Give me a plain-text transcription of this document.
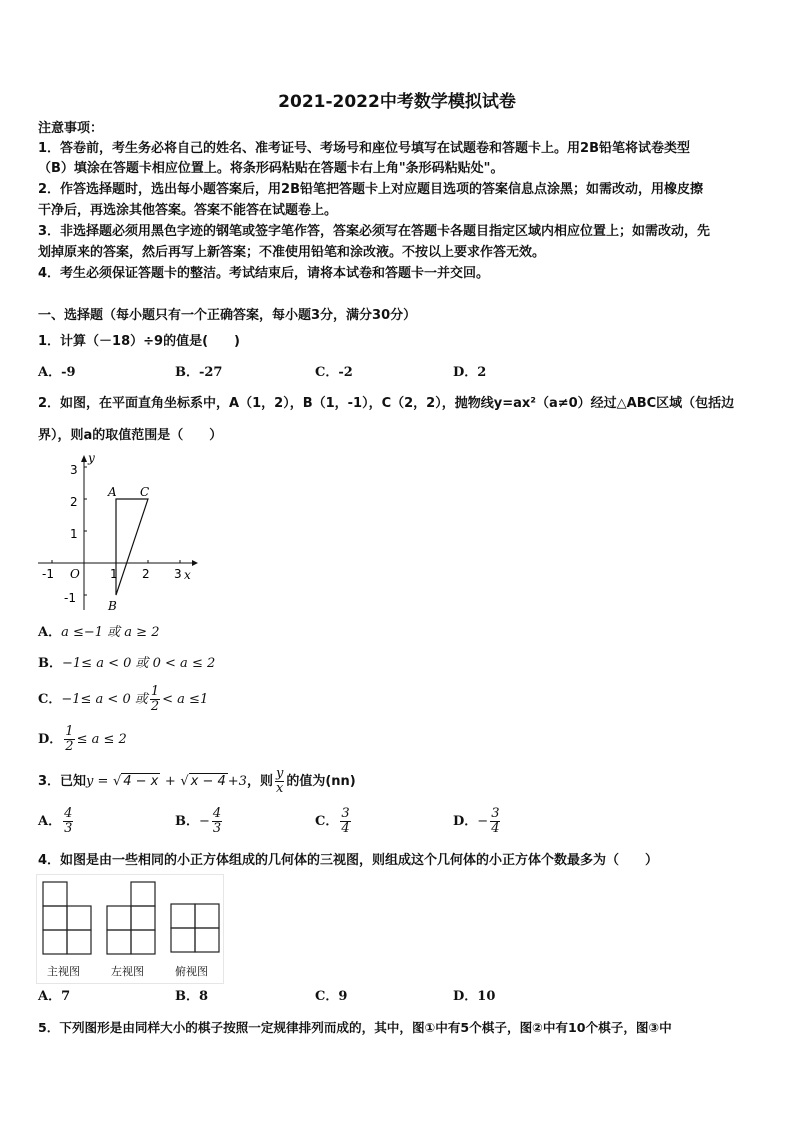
2021-2022中考数学模拟试卷
注意事项：
1．答卷前，考生务必将自己的姓名、准考证号、考场号和座位号填写在试题卷和答题卡上。用2B铅笔将试卷类型
（B）填涂在答题卡相应位置上。将条形码粘贴在答题卡右上角"条形码粘贴处"。
2．作答选择题时，选出每小题答案后，用2B铅笔把答题卡上对应题目选项的答案信息点涂黑；如需改动，用橡皮擦
干净后，再选涂其他答案。答案不能答在试题卷上。
3．非选择题必须用黑色字迹的钢笔或签字笔作答，答案必须写在答题卡各题目指定区域内相应位置上；如需改动，先
划掉原来的答案，然后再写上新答案；不准使用铅笔和涂改液。不按以上要求作答无效。
4．考生必须保证答题卡的整洁。考试结束后，请将本试卷和答题卡一并交回。
一、选择题（每小题只有一个正确答案，每小题3分，满分30分）
1．计算（－18）÷9的值是(　　)
A．-9	B．-27	C．-2	D．2
2．如图，在平面直角坐标系中，A（1，2），B（1，-1），C（2，2），抛物线y=ax²（a≠0）经过△ABC区域（包括边
界），则a的取值范围是（　　）
y
x
O
-1	1 2 3
3
2
1
-1
A C
B
A．a ≤−1 或 a ≥ 2
B．−1≤ a < 0 或 0 < a ≤ 2
C．−1≤ a < 0 或 $\frac{1}{2} < a \le 1$
D． $\frac{1}{2} \le a \le 2$
3．已知y = √ 4 − x + √ x − 4 +3，则 $\frac{y}{x}$ 的值为(nn)
A． $\frac{4}{3}$	B．− $\frac{4}{3}$	C． $\frac{3}{4}$	D．− $\frac{3}{4}$
4．如图是由一些相同的小正方体组成的几何体的三视图，则组成这个几何体的小正方体个数最多为（　　）
主视图	左视图	俯视图
A．7	B．8	C．9	D．10
5．下列图形是由同样大小的棋子按照一定规律排列而成的，其中，图①中有5个棋子，图②中有10个棋子，图③中
